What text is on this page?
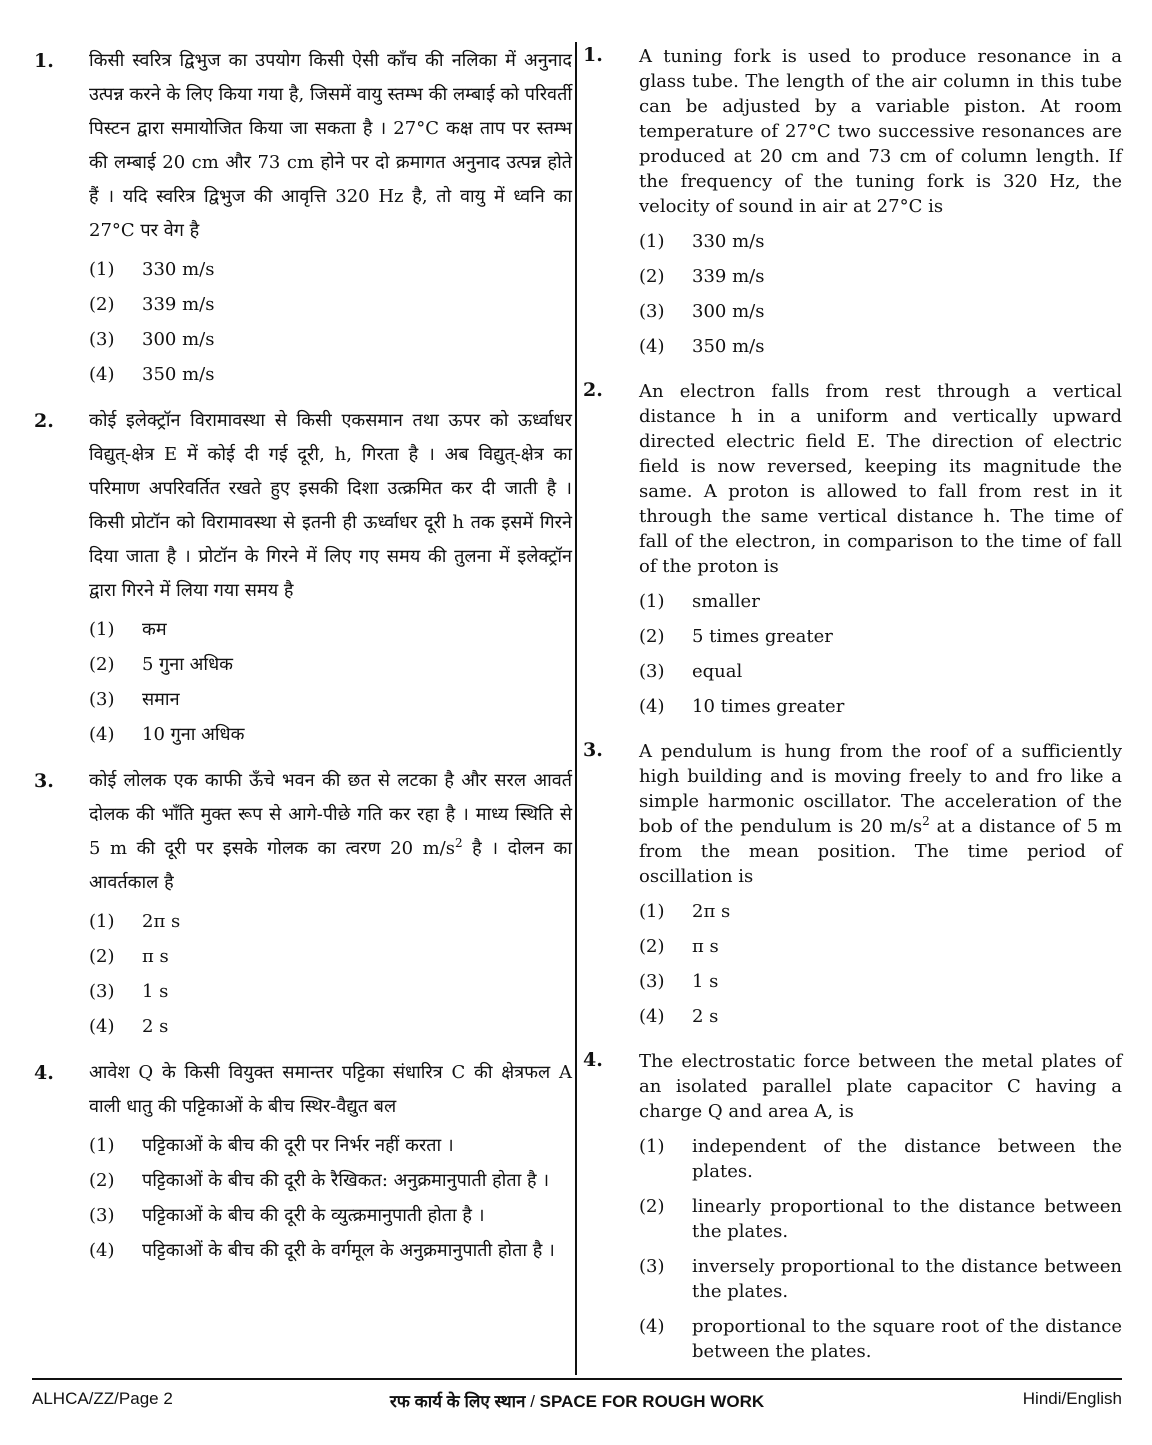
1. किसी स्वरित्र द्विभुज का उपयोग किसी ऐसी काँच की नलिका में अनुनाद उत्पन्न करने के लिए किया गया है, जिसमें वायु स्तम्भ की लम्बाई को परिवर्ती पिस्टन द्वारा समायोजित किया जा सकता है । 27°C कक्ष ताप पर स्तम्भ की लम्बाई 20 cm और 73 cm होने पर दो क्रमागत अनुनाद उत्पन्न होते हैं । यदि स्वरित्र द्विभुज की आवृत्ति 320 Hz है, तो वायु में ध्वनि का 27°C पर वेग है
(1) 330 m/s
(2) 339 m/s
(3) 300 m/s
(4) 350 m/s
2. कोई इलेक्ट्रॉन विरामावस्था से किसी एकसमान तथा ऊपर को ऊर्ध्वाधर विद्युत्-क्षेत्र E में कोई दी गई दूरी, h, गिरता है । अब विद्युत्-क्षेत्र का परिमाण अपरिवर्तित रखते हुए इसकी दिशा उत्क्रमित कर दी जाती है । किसी प्रोटॉन को विरामावस्था से इतनी ही ऊर्ध्वाधर दूरी h तक इसमें गिरने दिया जाता है । प्रोटॉन के गिरने में लिए गए समय की तुलना में इलेक्ट्रॉन द्वारा गिरने में लिया गया समय है
(1) कम
(2) 5 गुना अधिक
(3) समान
(4) 10 गुना अधिक
3. कोई लोलक एक काफी ऊँचे भवन की छत से लटका है और सरल आवर्त दोलक की भाँति मुक्त रूप से आगे-पीछे गति कर रहा है । माध्य स्थिति से 5 m की दूरी पर इसके गोलक का त्वरण 20 $m/s^2$ है । दोलन का आवर्तकाल है
(1) 2π s
(2) π s
(3) 1 s
(4) 2 s
4. आवेश Q के किसी वियुक्त समान्तर पट्टिका संधारित्र C की क्षेत्रफल A वाली धातु की पट्टिकाओं के बीच स्थिर-वैद्युत बल
(1) पट्टिकाओं के बीच की दूरी पर निर्भर नहीं करता ।
(2) पट्टिकाओं के बीच की दूरी के रैखिकत: अनुक्रमानुपाती होता है ।
(3) पट्टिकाओं के बीच की दूरी के व्युत्क्रमानुपाती होता है ।
(4) पट्टिकाओं के बीच की दूरी के वर्गमूल के अनुक्रमानुपाती होता है ।
1. A tuning fork is used to produce resonance in a glass tube. The length of the air column in this tube can be adjusted by a variable piston. At room temperature of 27°C two successive resonances are produced at 20 cm and 73 cm of column length. If the frequency of the tuning fork is 320 Hz, the velocity of sound in air at 27°C is
(1) 330 m/s
(2) 339 m/s
(3) 300 m/s
(4) 350 m/s
2. An electron falls from rest through a vertical distance h in a uniform and vertically upward directed electric field E. The direction of electric field is now reversed, keeping its magnitude the same. A proton is allowed to fall from rest in it through the same vertical distance h. The time of fall of the electron, in comparison to the time of fall of the proton is
(1) smaller
(2) 5 times greater
(3) equal
(4) 10 times greater
3. A pendulum is hung from the roof of a sufficiently high building and is moving freely to and fro like a simple harmonic oscillator. The acceleration of the bob of the pendulum is 20 $m/s^2$ at a distance of 5 m from the mean position. The time period of oscillation is
(1) 2π s
(2) π s
(3) 1 s
(4) 2 s
4. The electrostatic force between the metal plates of an isolated parallel plate capacitor C having a charge Q and area A, is
(1) independent of the distance between the plates.
(2) linearly proportional to the distance between the plates.
(3) inversely proportional to the distance between the plates.
(4) proportional to the square root of the distance between the plates.
ALHCA/ZZ/Page 2	रफ कार्य के लिए स्थान / SPACE FOR ROUGH WORK	Hindi/English
